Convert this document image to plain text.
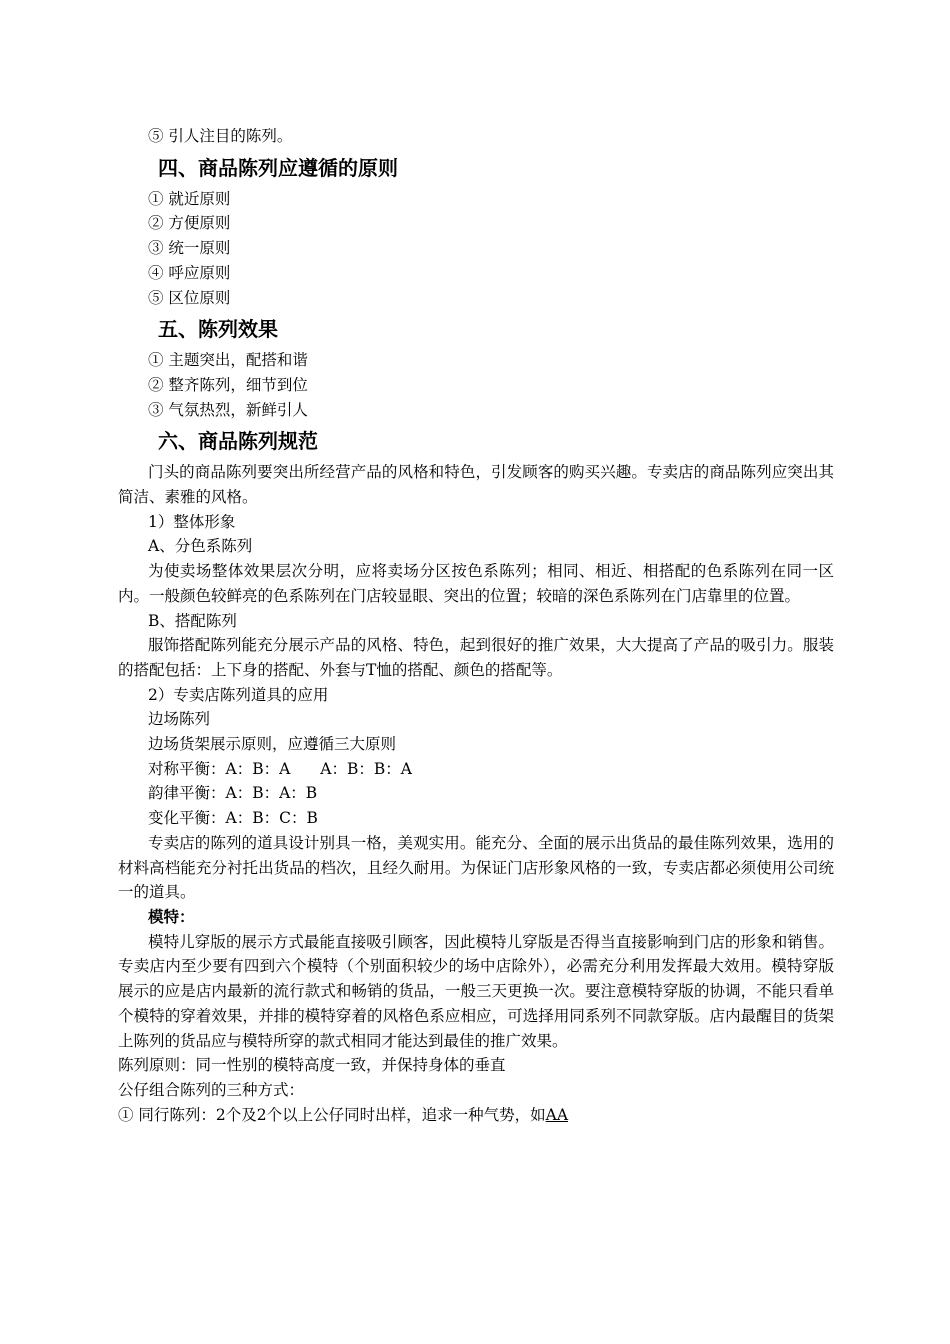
⑤ 引人注目的陈列。

四、商品陈列应遵循的原则

① 就近原则

② 方便原则

③ 统一原则

④ 呼应原则

⑤ 区位原则

五、陈列效果

① 主题突出，配搭和谐

② 整齐陈列，细节到位

③ 气氛热烈，新鲜引人

六、商品陈列规范

门头的商品陈列要突出所经营产品的风格和特色，引发顾客的购买兴趣。专卖店的商品陈列应突出其简洁、素雅的风格。

1）整体形象

A、分色系陈列

为使卖场整体效果层次分明，应将卖场分区按色系陈列；相同、相近、相搭配的色系陈列在同一区内。一般颜色较鲜亮的色系陈列在门店较显眼、突出的位置；较暗的深色系陈列在门店靠里的位置。

B、搭配陈列

服饰搭配陈列能充分展示产品的风格、特色，起到很好的推广效果，大大提高了产品的吸引力。服装的搭配包括：上下身的搭配、外套与T恤的搭配、颜色的搭配等。

2）专卖店陈列道具的应用

边场陈列

边场货架展示原则，应遵循三大原则

对称平衡：A：B：A A：B：B：A

韵律平衡：A：B：A：B

变化平衡：A：B：C：B

专卖店的陈列的道具设计别具一格，美观实用。能充分、全面的展示出货品的最佳陈列效果，选用的材料高档能充分衬托出货品的档次，且经久耐用。为保证门店形象风格的一致，专卖店都必须使用公司统一的道具。

模特：

模特儿穿版的展示方式最能直接吸引顾客，因此模特儿穿版是否得当直接影响到门店的形象和销售。专卖店内至少要有四到六个模特（个别面积较少的场中店除外），必需充分利用发挥最大效用。模特穿版展示的应是店内最新的流行款式和畅销的货品，一般三天更换一次。要注意模特穿版的协调，不能只看单个模特的穿着效果，并排的模特穿着的风格色系应相应，可选择用同系列不同款穿版。店内最醒目的货架上陈列的货品应与模特所穿的款式相同才能达到最佳的推广效果。

陈列原则：同一性别的模特高度一致，并保持身体的垂直

公仔组合陈列的三种方式：

① 同行陈列：2个及2个以上公仔同时出样，追求一种气势，如AA
